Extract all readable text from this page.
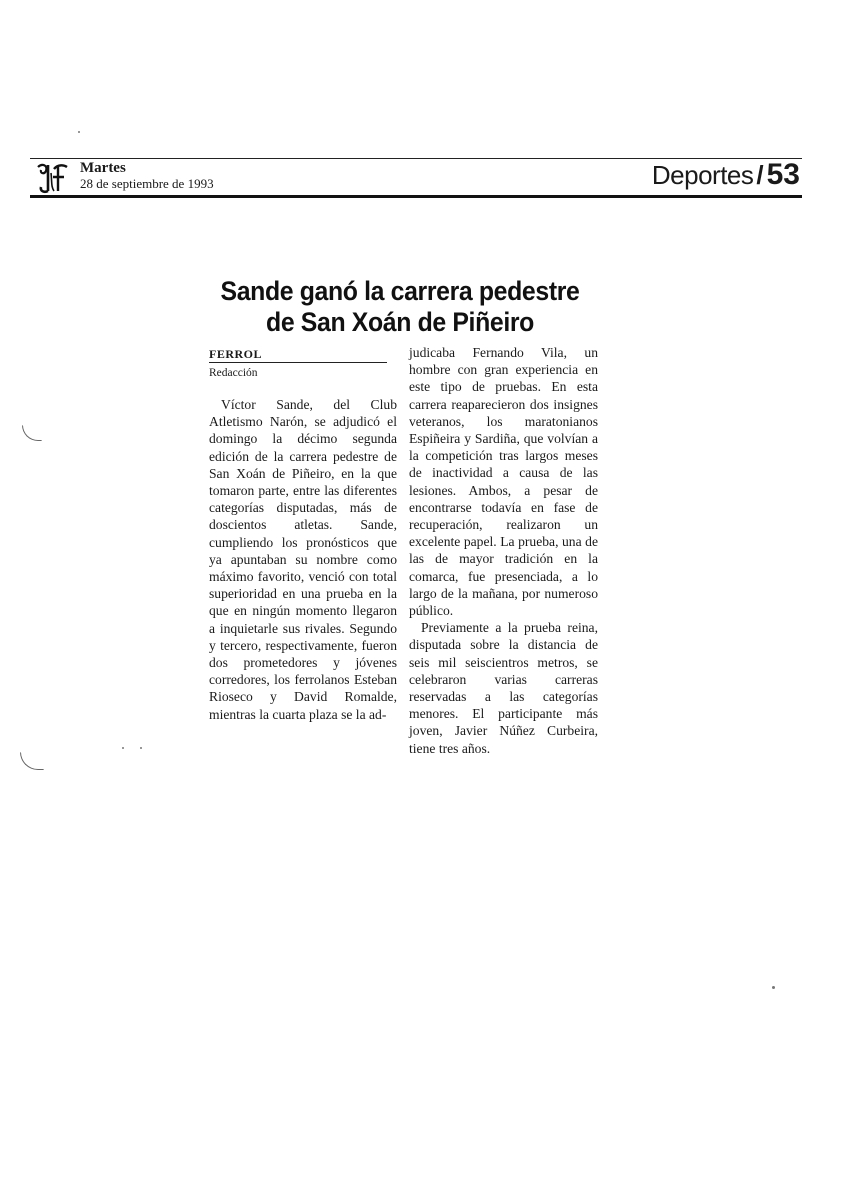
Martes
28 de septiembre de 1993	Deportes / 53
Sande ganó la carrera pedestre
de San Xoán de Piñeiro
FERROL
Redacción

Víctor Sande, del Club Atletismo Narón, se adjudicó el domingo la décimo segunda edición de la carrera pedestre de San Xoán de Piñeiro, en la que tomaron parte, entre las diferentes categorías disputadas, más de doscientos atletas. Sande, cumpliendo los pronósticos que ya apuntaban su nombre como máximo favorito, venció con total superioridad en una prueba en la que en ningún momento llegaron a inquietarle sus rivales. Segundo y tercero, respectivamente, fueron dos prometedores y jóvenes corredores, los ferrolanos Esteban Rioseco y David Romalde, mientras la cuarta plaza se la ad-

judicaba Fernando Vila, un hombre con gran experiencia en este tipo de pruebas. En esta carrera reaparecieron dos insignes veteranos, los maratonianos Espiñeira y Sardiña, que volvían a la competición tras largos meses de inactividad a causa de las lesiones. Ambos, a pesar de encontrarse todavía en fase de recuperación, realizaron un excelente papel. La prueba, una de las de mayor tradición en la comarca, fue presenciada, a lo largo de la mañana, por numeroso público.

Previamente a la prueba reina, disputada sobre la distancia de seis mil seiscientros metros, se celebraron varias carreras reservadas a las categorías menores. El participante más joven, Javier Núñez Curbeira, tiene tres años.
